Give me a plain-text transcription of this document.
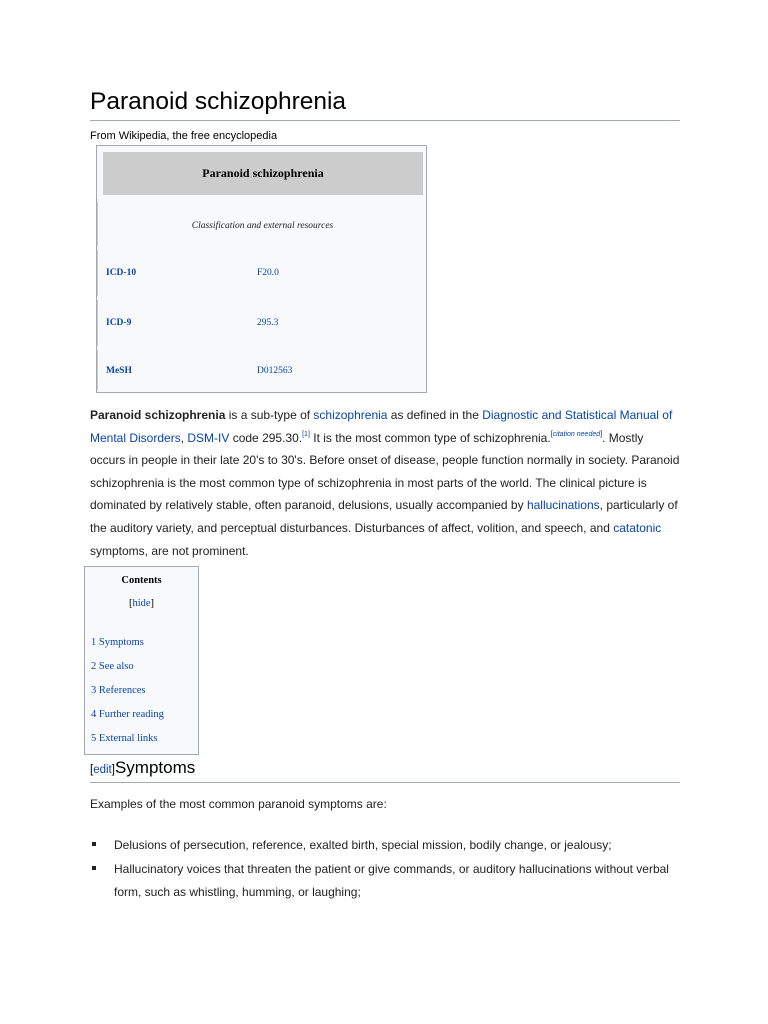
Paranoid schizophrenia
From Wikipedia, the free encyclopedia
Paranoid schizophrenia
Classification and external resources
ICD-10	F20.0
ICD-9	295.3
MeSH	D012563

Paranoid schizophrenia is a sub-type of schizophrenia as defined in the Diagnostic and Statistical Manual of Mental Disorders, DSM-IV code 295.30.[1] It is the most common type of schizophrenia.[citation needed]. Mostly occurs in people in their late 20's to 30's. Before onset of disease, people function normally in society. Paranoid schizophrenia is the most common type of schizophrenia in most parts of the world. The clinical picture is dominated by relatively stable, often paranoid, delusions, usually accompanied by hallucinations, particularly of the auditory variety, and perceptual disturbances. Disturbances of affect, volition, and speech, and catatonic symptoms, are not prominent.

Contents
[hide]
1 Symptoms
2 See also
3 References
4 Further reading
5 External links
[edit]Symptoms
Examples of the most common paranoid symptoms are:
Delusions of persecution, reference, exalted birth, special mission, bodily change, or jealousy;
Hallucinatory voices that threaten the patient or give commands, or auditory hallucinations without verbal form, such as whistling, humming, or laughing;
